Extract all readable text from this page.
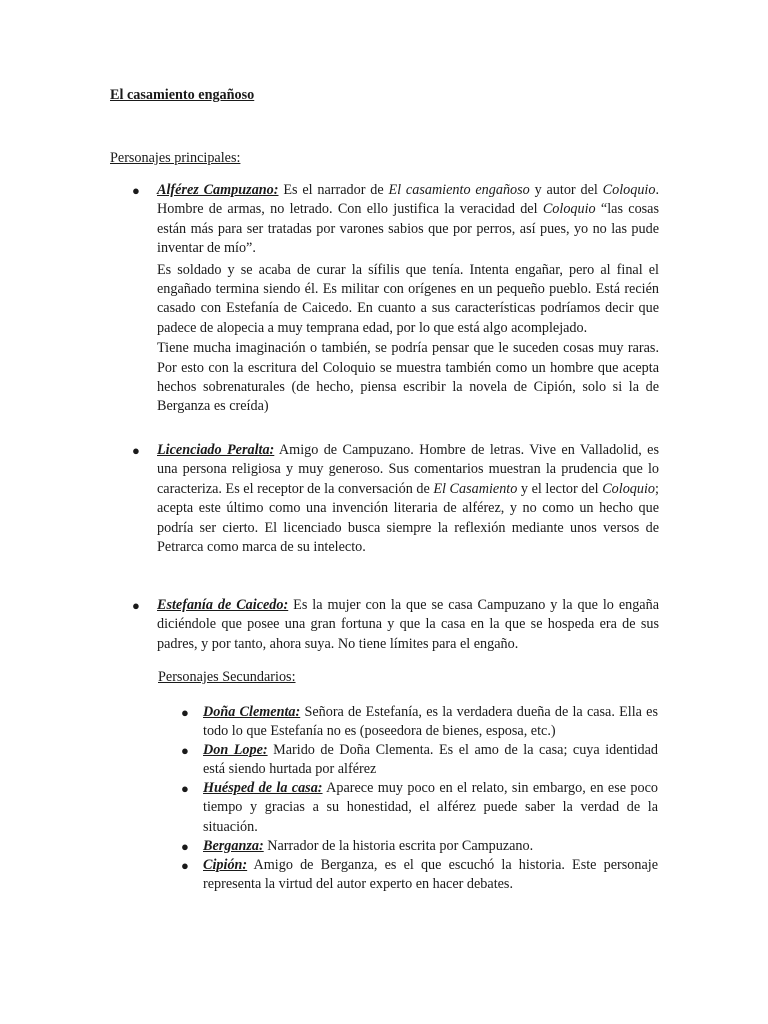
El casamiento engañoso
Personajes principales:
● Alférez Campuzano: Es el narrador de El casamiento engañoso y autor del Coloquio. Hombre de armas, no letrado. Con ello justifica la veracidad del Coloquio “las cosas están más para ser tratadas por varones sabios que por perros, así pues, yo no las pude inventar de mío”.
Es soldado y se acaba de curar la sífilis que tenía. Intenta engañar, pero al final el engañado termina siendo él. Es militar con orígenes en un pequeño pueblo. Está recién casado con Estefanía de Caicedo. En cuanto a sus características podríamos decir que padece de alopecia a muy temprana edad, por lo que está algo acomplejado.
Tiene mucha imaginación o también, se podría pensar que le suceden cosas muy raras. Por esto con la escritura del Coloquio se muestra también como un hombre que acepta hechos sobrenaturales (de hecho, piensa escribir la novela de Cipión, solo si la de Berganza es creída)
● Licenciado Peralta: Amigo de Campuzano. Hombre de letras. Vive en Valladolid, es una persona religiosa y muy generoso. Sus comentarios muestran la prudencia que lo caracteriza. Es el receptor de la conversación de El Casamiento y el lector del Coloquio; acepta este último como una invención literaria de alférez, y no como un hecho que podría ser cierto. El licenciado busca siempre la reflexión mediante unos versos de Petrarca como marca de su intelecto.
● Estefanía de Caicedo: Es la mujer con la que se casa Campuzano y la que lo engaña diciéndole que posee una gran fortuna y que la casa en la que se hospeda era de sus padres, y por tanto, ahora suya. No tiene límites para el engaño.
Personajes Secundarios:
● Doña Clementa: Señora de Estefanía, es la verdadera dueña de la casa. Ella es todo lo que Estefanía no es (poseedora de bienes, esposa, etc.)
● Don Lope: Marido de Doña Clementa. Es el amo de la casa; cuya identidad está siendo hurtada por alférez
● Huésped de la casa: Aparece muy poco en el relato, sin embargo, en ese poco tiempo y gracias a su honestidad, el alférez puede saber la verdad de la situación.
● Berganza: Narrador de la historia escrita por Campuzano.
● Cipión: Amigo de Berganza, es el que escuchó la historia. Este personaje representa la virtud del autor experto en hacer debates.
